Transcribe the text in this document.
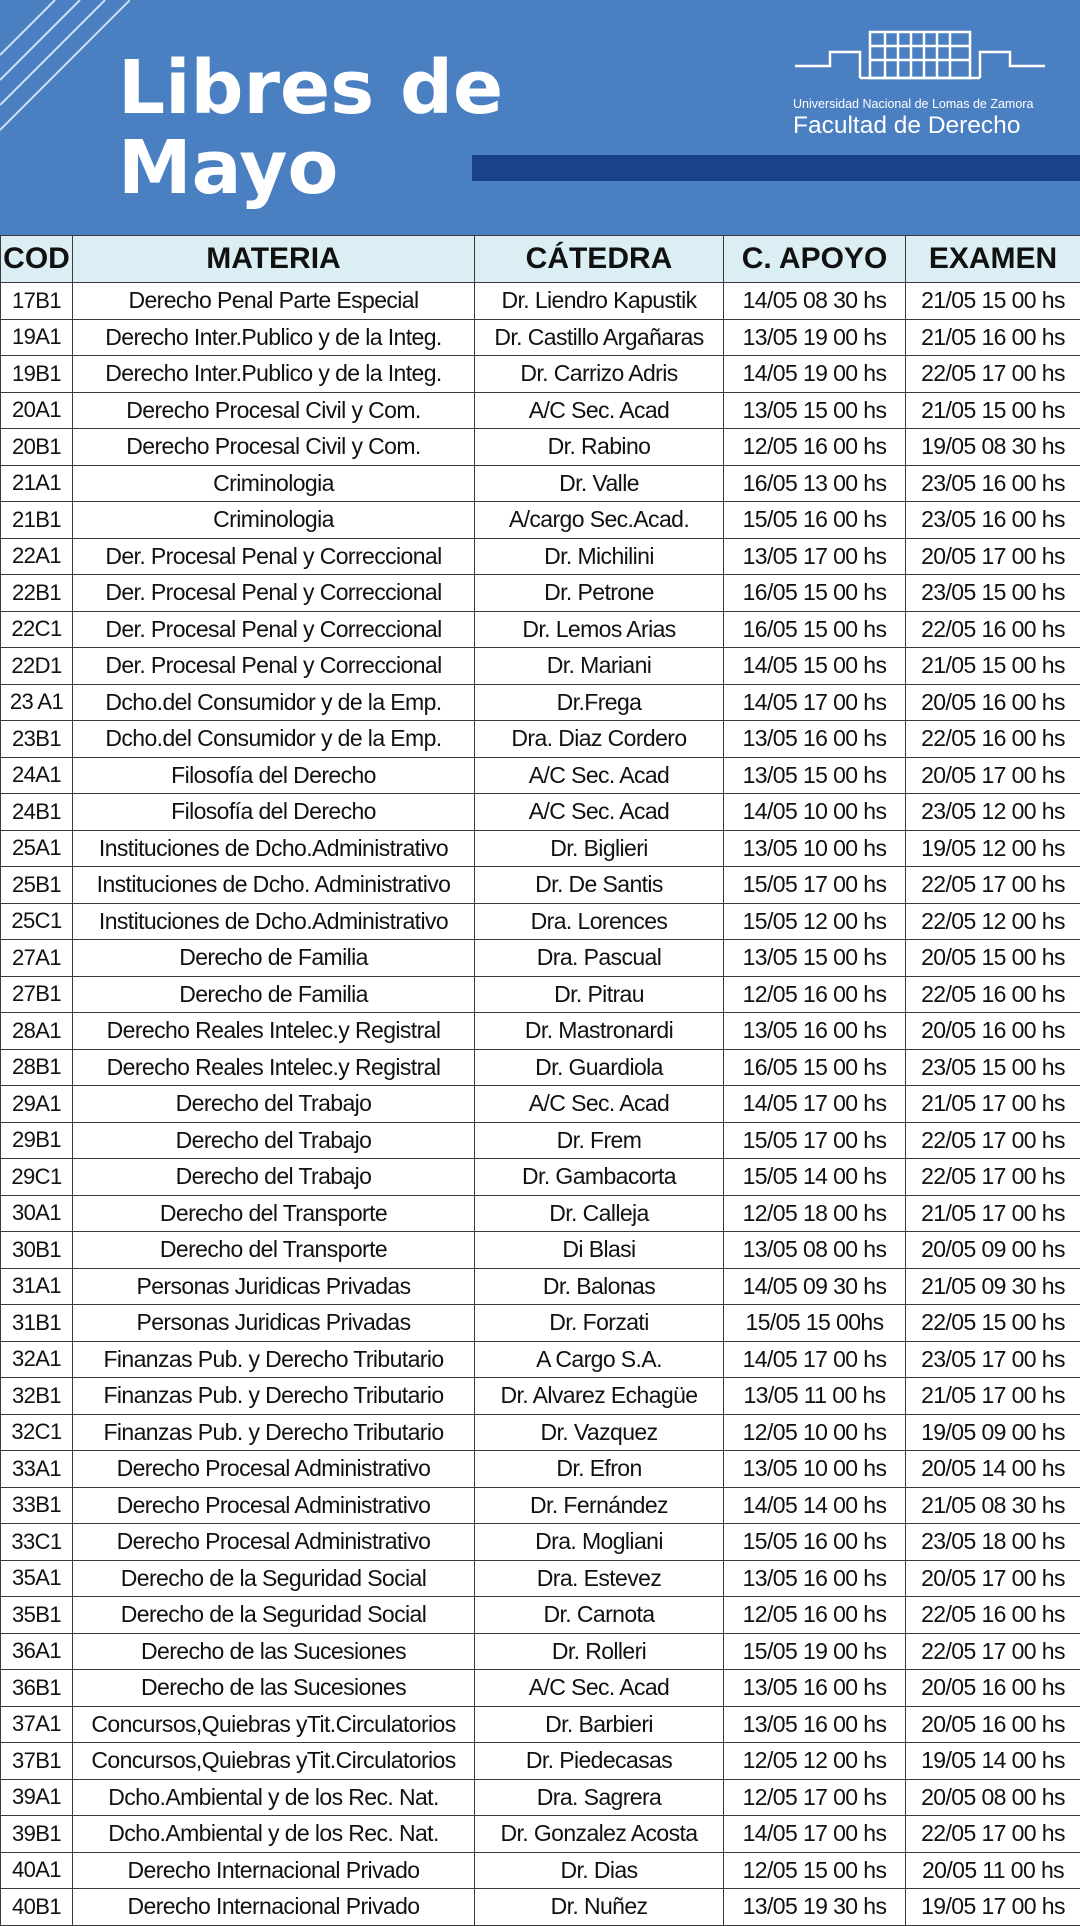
Libres de
Mayo
Universidad Nacional de Lomas de Zamora
Facultad de Derecho
COD	MATERIA	CÁTEDRA	C. APOYO	EXAMEN
17B1	Derecho Penal Parte Especial	Dr. Liendro Kapustik	14/05 08 30 hs	21/05 15 00 hs
19A1	Derecho Inter.Publico y de la Integ.	Dr. Castillo Argañaras	13/05 19 00 hs	21/05 16 00 hs
19B1	Derecho Inter.Publico y de la Integ.	Dr. Carrizo Adris	14/05 19 00 hs	22/05 17 00 hs
20A1	Derecho Procesal Civil y Com.	A/C Sec. Acad	13/05 15 00 hs	21/05 15 00 hs
20B1	Derecho Procesal Civil y Com.	Dr. Rabino	12/05 16 00 hs	19/05 08 30 hs
21A1	Criminologia	Dr. Valle	16/05 13 00 hs	23/05 16 00 hs
21B1	Criminologia	A/cargo Sec.Acad.	15/05 16 00 hs	23/05 16 00 hs
22A1	Der. Procesal Penal y Correccional	Dr. Michilini	13/05 17 00 hs	20/05 17 00 hs
22B1	Der. Procesal Penal y Correccional	Dr. Petrone	16/05 15 00 hs	23/05 15 00 hs
22C1	Der. Procesal Penal y Correccional	Dr. Lemos Arias	16/05 15 00 hs	22/05 16 00 hs
22D1	Der. Procesal Penal y Correccional	Dr. Mariani	14/05 15 00 hs	21/05 15 00 hs
23 A1	Dcho.del Consumidor y de la Emp.	Dr.Frega	14/05 17 00 hs	20/05 16 00 hs
23B1	Dcho.del Consumidor y de la Emp.	Dra. Diaz Cordero	13/05 16 00 hs	22/05 16 00 hs
24A1	Filosofía del Derecho	A/C Sec. Acad	13/05 15 00 hs	20/05 17 00 hs
24B1	Filosofía del Derecho	A/C Sec. Acad	14/05 10 00 hs	23/05 12 00 hs
25A1	Instituciones de Dcho.Administrativo	Dr. Biglieri	13/05 10 00 hs	19/05 12 00 hs
25B1	Instituciones de Dcho. Administrativo	Dr. De Santis	15/05 17 00 hs	22/05 17 00 hs
25C1	Instituciones de Dcho.Administrativo	Dra. Lorences	15/05 12 00 hs	22/05 12 00 hs
27A1	Derecho de Familia	Dra. Pascual	13/05 15 00 hs	20/05 15 00 hs
27B1	Derecho de Familia	Dr. Pitrau	12/05 16 00 hs	22/05 16 00 hs
28A1	Derecho Reales Intelec.y Registral	Dr. Mastronardi	13/05 16 00 hs	20/05 16 00 hs
28B1	Derecho Reales Intelec.y Registral	Dr. Guardiola	16/05 15 00 hs	23/05 15 00 hs
29A1	Derecho del Trabajo	A/C Sec. Acad	14/05 17 00 hs	21/05 17 00 hs
29B1	Derecho del Trabajo	Dr. Frem	15/05 17 00 hs	22/05 17 00 hs
29C1	Derecho del Trabajo	Dr. Gambacorta	15/05 14 00 hs	22/05 17 00 hs
30A1	Derecho del Transporte	Dr. Calleja	12/05 18 00 hs	21/05 17 00 hs
30B1	Derecho del Transporte	Di Blasi	13/05 08 00 hs	20/05 09 00 hs
31A1	Personas Juridicas Privadas	Dr. Balonas	14/05 09 30 hs	21/05 09 30 hs
31B1	Personas Juridicas Privadas	Dr. Forzati	15/05 15 00hs	22/05 15 00 hs
32A1	Finanzas Pub. y Derecho Tributario	A Cargo S.A.	14/05 17 00 hs	23/05 17 00 hs
32B1	Finanzas Pub. y Derecho Tributario	Dr. Alvarez Echagüe	13/05 11 00 hs	21/05 17 00 hs
32C1	Finanzas Pub. y Derecho Tributario	Dr. Vazquez	12/05 10 00 hs	19/05 09 00 hs
33A1	Derecho Procesal Administrativo	Dr. Efron	13/05 10 00 hs	20/05 14 00 hs
33B1	Derecho Procesal Administrativo	Dr. Fernández	14/05 14 00 hs	21/05 08 30 hs
33C1	Derecho Procesal Administrativo	Dra. Mogliani	15/05 16 00 hs	23/05 18 00 hs
35A1	Derecho de la Seguridad Social	Dra. Estevez	13/05 16 00 hs	20/05 17 00 hs
35B1	Derecho de la Seguridad Social	Dr. Carnota	12/05 16 00 hs	22/05 16 00 hs
36A1	Derecho de las Sucesiones	Dr. Rolleri	15/05 19 00 hs	22/05 17 00 hs
36B1	Derecho de las Sucesiones	A/C Sec. Acad	13/05 16 00 hs	20/05 16 00 hs
37A1	Concursos,Quiebras yTit.Circulatorios	Dr. Barbieri	13/05 16 00 hs	20/05 16 00 hs
37B1	Concursos,Quiebras yTit.Circulatorios	Dr. Piedecasas	12/05 12 00 hs	19/05 14 00 hs
39A1	Dcho.Ambiental y de los Rec. Nat.	Dra. Sagrera	12/05 17 00 hs	20/05 08 00 hs
39B1	Dcho.Ambiental y de los Rec. Nat.	Dr. Gonzalez Acosta	14/05 17 00 hs	22/05 17 00 hs
40A1	Derecho Internacional Privado	Dr. Dias	12/05 15 00 hs	20/05 11 00 hs
40B1	Derecho Internacional Privado	Dr. Nuñez	13/05 19 30 hs	19/05 17 00 hs
